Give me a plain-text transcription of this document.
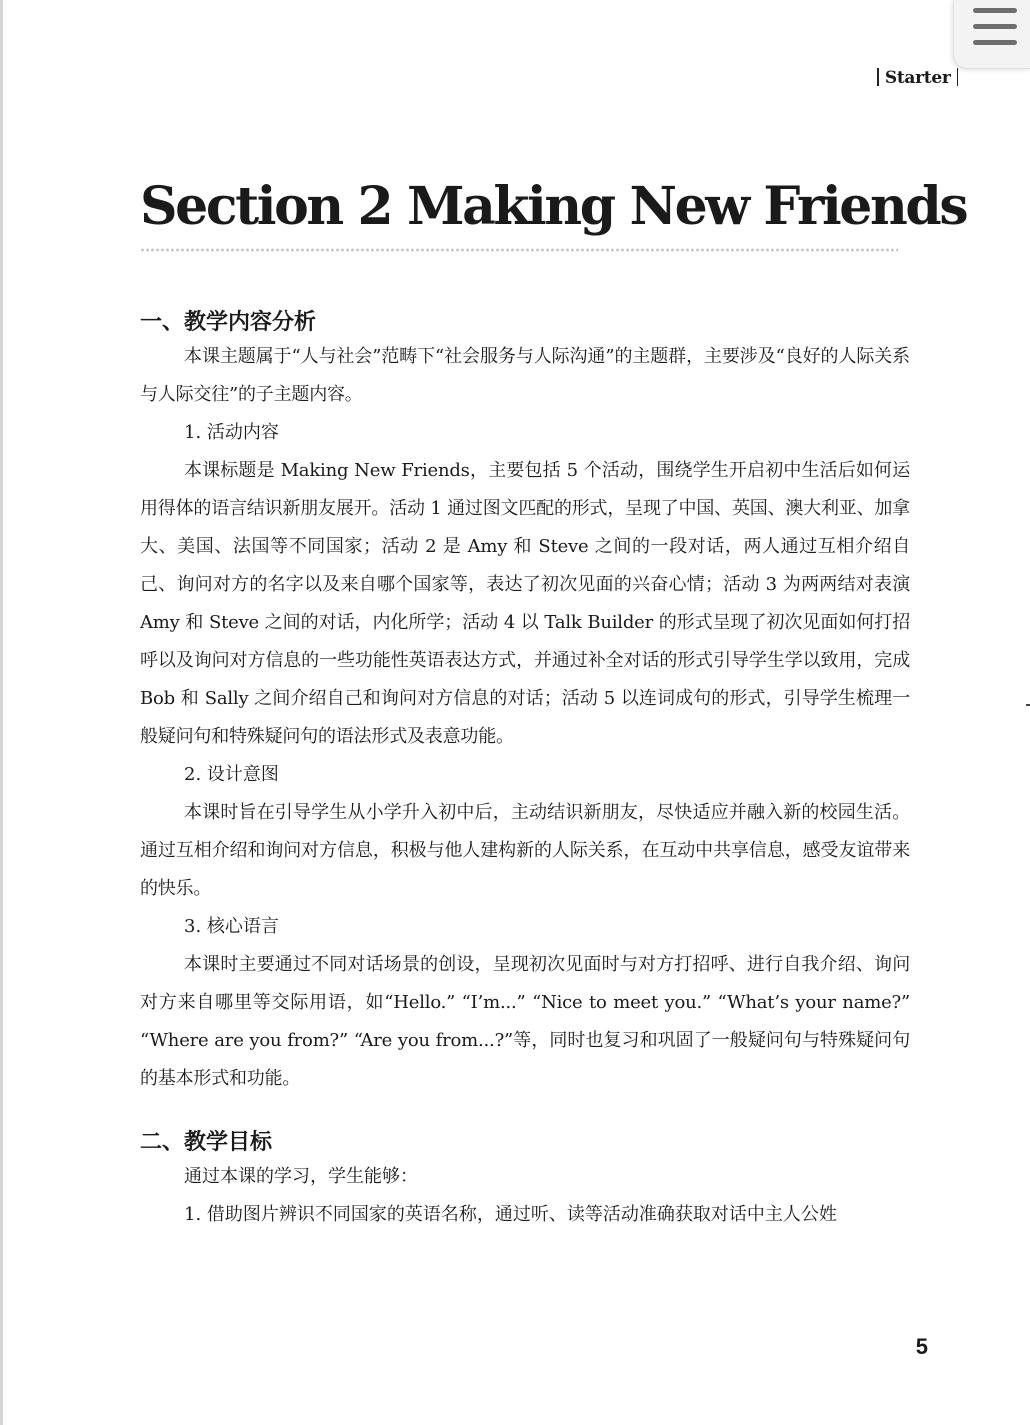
Starter
Section 2 Making New Friends
一、教学内容分析

本课主题属于“人与社会”范畴下“社会服务与人际沟通”的主题群，主要涉及“良好的人际关系与人际交往”的子主题内容。

1. 活动内容

本课标题是 Making New Friends，主要包括 5 个活动，围绕学生开启初中生活后如何运用得体的语言结识新朋友展开。活动 1 通过图文匹配的形式，呈现了中国、英国、澳大利亚、加拿大、美国、法国等不同国家；活动 2 是 Amy 和 Steve 之间的一段对话，两人通过互相介绍自己、询问对方的名字以及来自哪个国家等，表达了初次见面的兴奋心情；活动 3 为两两结对表演 Amy 和 Steve 之间的对话，内化所学；活动 4 以 Talk Builder 的形式呈现了初次见面如何打招呼以及询问对方信息的一些功能性英语表达方式，并通过补全对话的形式引导学生学以致用，完成 Bob 和 Sally 之间介绍自己和询问对方信息的对话；活动 5 以连词成句的形式，引导学生梳理一般疑问句和特殊疑问句的语法形式及表意功能。

2. 设计意图

本课时旨在引导学生从小学升入初中后，主动结识新朋友，尽快适应并融入新的校园生活。通过互相介绍和询问对方信息，积极与他人建构新的人际关系，在互动中共享信息，感受友谊带来的快乐。

3. 核心语言

本课时主要通过不同对话场景的创设，呈现初次见面时与对方打招呼、进行自我介绍、询问对方来自哪里等交际用语，如“Hello.” “I’m...” “Nice to meet you.” “What’s your name?” “Where are you from?” “Are you from...?”等，同时也复习和巩固了一般疑问句与特殊疑问句的基本形式和功能。

二、教学目标

通过本课的学习，学生能够：

1. 借助图片辨识不同国家的英语名称，通过听、读等活动准确获取对话中主人公姓

5
